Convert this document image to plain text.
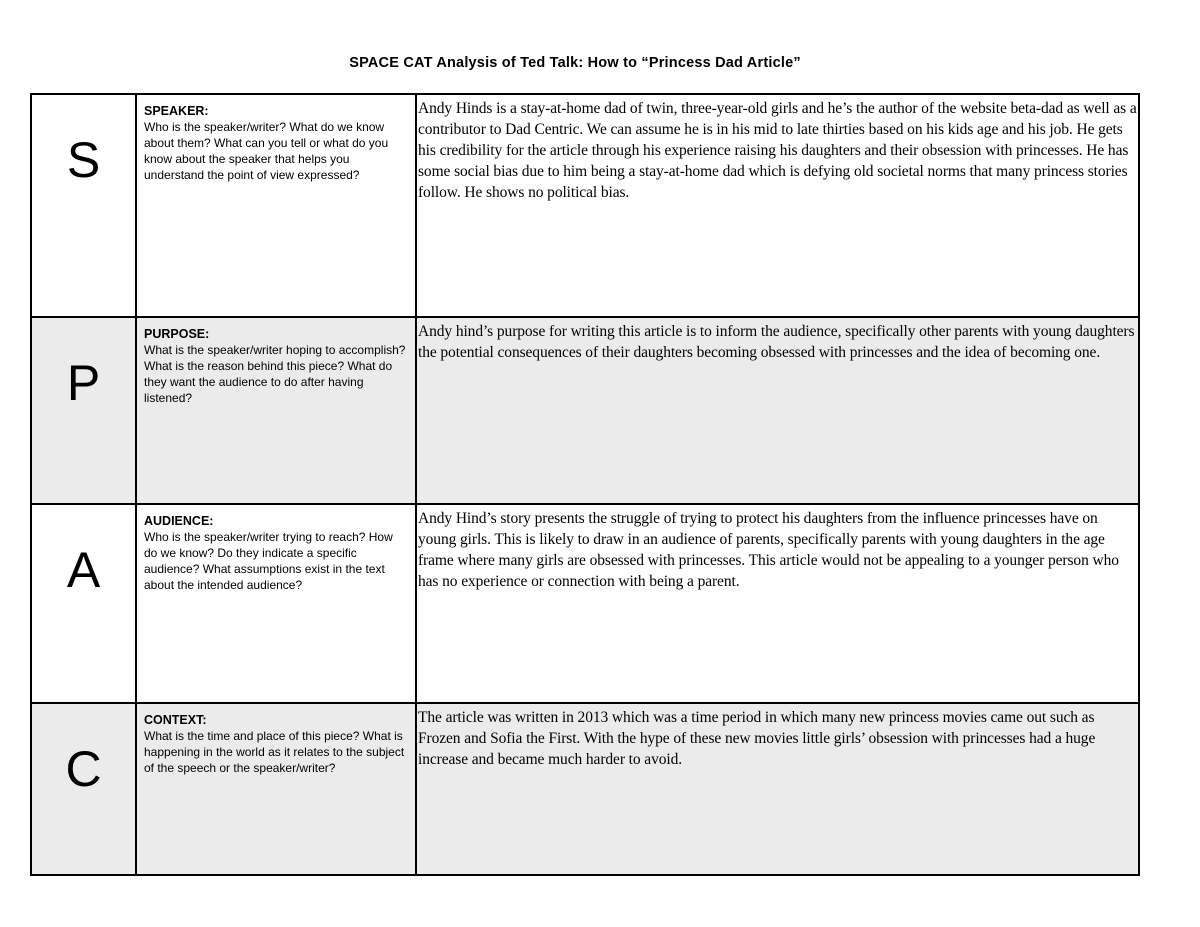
SPACE CAT Analysis of Ted Talk: How to “Princess Dad Article”
S	SPEAKER:
Who is the speaker/writer? What do we know about them? What can you tell or what do you know about the speaker that helps you understand the point of view expressed?	Andy Hinds is a stay-at-home dad of twin, three-year-old girls and he’s the author of the website beta-dad as well as a contributor to Dad Centric. We can assume he is in his mid to late thirties based on his kids age and his job. He gets his credibility for the article through his experience raising his daughters and their obsession with princesses. He has some social bias due to him being a stay-at-home dad which is defying old societal norms that many princess stories follow. He shows no political bias.

P	PURPOSE:
What is the speaker/writer hoping to accomplish? What is the reason behind this piece? What do they want the audience to do after having listened?	Andy hind’s purpose for writing this article is to inform the audience, specifically other parents with young daughters the potential consequences of their daughters becoming obsessed with princesses and the idea of becoming one.

A	AUDIENCE:
Who is the speaker/writer trying to reach? How do we know? Do they indicate a specific audience? What assumptions exist in the text about the intended audience?	Andy Hind’s story presents the struggle of trying to protect his daughters from the influence princesses have on young girls. This is likely to draw in an audience of parents, specifically parents with young daughters in the age frame where many girls are obsessed with princesses. This article would not be appealing to a younger person who has no experience or connection with being a parent.

C	CONTEXT:
What is the time and place of this piece? What is happening in the world as it relates to the subject of the speech or the speaker/writer?	The article was written in 2013 which was a time period in which many new princess movies came out such as Frozen and Sofia the First. With the hype of these new movies little girls’ obsession with princesses had a huge increase and became much harder to avoid.
